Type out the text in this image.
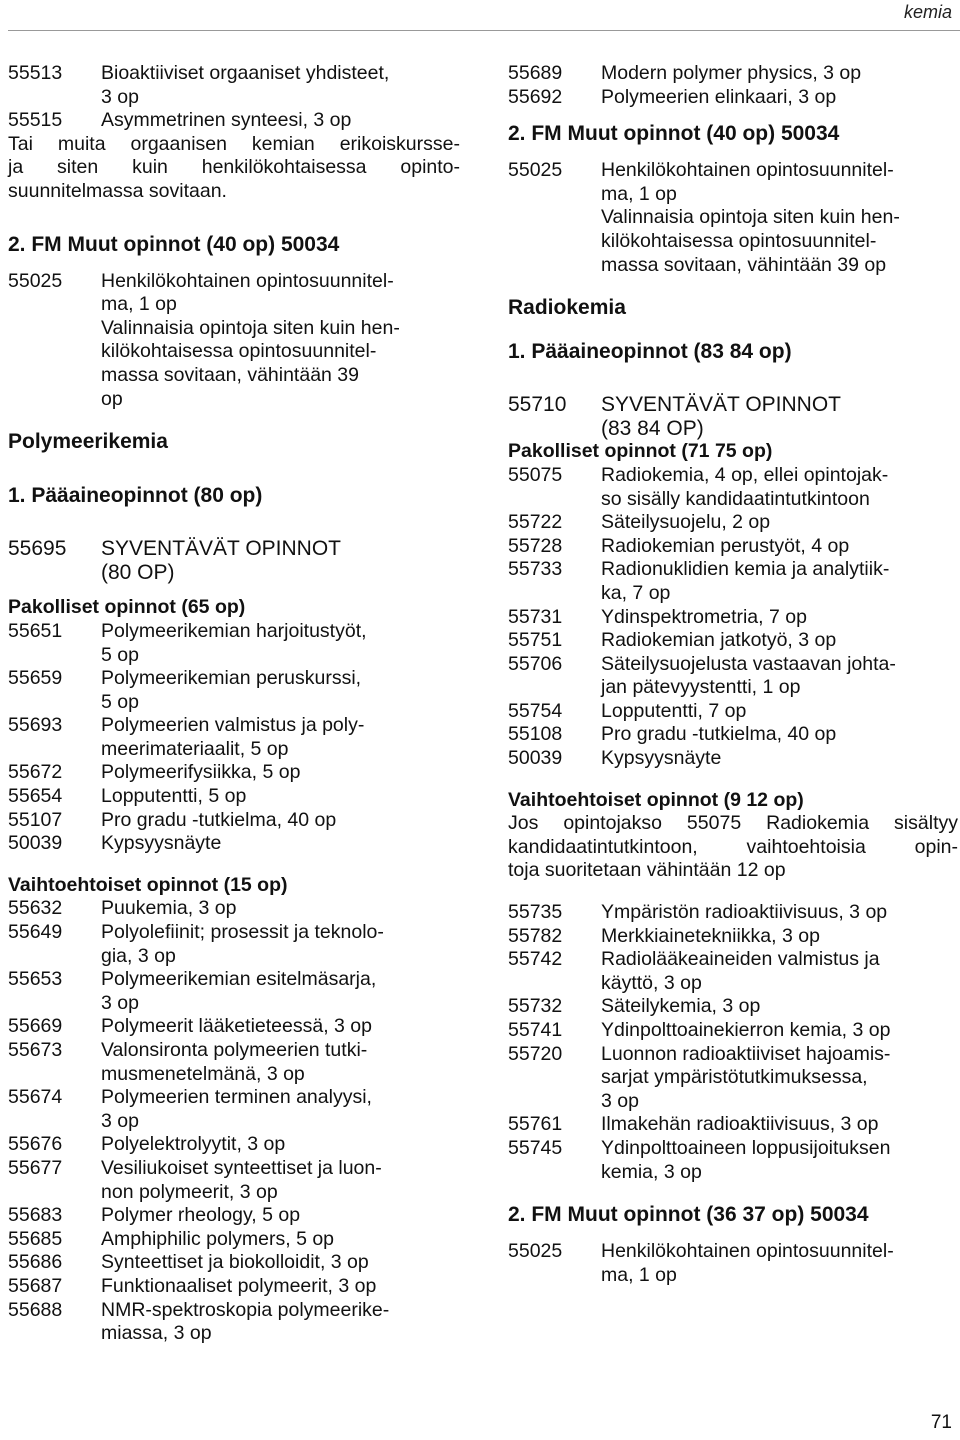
kemia
55513	Bioaktiiviset orgaaniset yhdisteet,
3 op
55515	Asymmetrinen synteesi, 3 op
Tai muita orgaanisen kemian erikoiskursse-
ja siten kuin henkilökohtaisessa opinto-
suunnitelmassa sovitaan.
2. FM Muut opinnot (40 op) 50034
55025	Henkilökohtainen opintosuunnitel-
ma, 1 op
Valinnaisia opintoja siten kuin hen-
kilökohtaisessa opintosuunnitel-
massa sovitaan, vähintään 39
op
Polymeerikemia
1. Pääaineopinnot (80 op)
55695	SYVENTÄVÄT OPINNOT
(80 OP)
Pakolliset opinnot (65 op)
55651	Polymeerikemian harjoitustyöt,
5 op
55659	Polymeerikemian peruskurssi,
5 op
55693	Polymeerien valmistus ja poly-
meerimateriaalit, 5 op
55672	Polymeerifysiikka, 5 op
55654	Lopputentti, 5 op
55107	Pro gradu -tutkielma, 40 op
50039	Kypsyysnäyte
Vaihtoehtoiset opinnot (15 op)
55632	Puukemia, 3 op
55649	Polyolefiinit; prosessit ja teknolo-
gia, 3 op
55653	Polymeerikemian esitelmäsarja,
3 op
55669	Polymeerit lääketieteessä, 3 op
55673	Valonsironta polymeerien tutki-
musmenetelmänä, 3 op
55674	Polymeerien terminen analyysi,
3 op
55676	Polyelektrolyytit, 3 op
55677	Vesiliukoiset synteettiset ja luon-
non polymeerit, 3 op
55683	Polymer rheology, 5 op
55685	Amphiphilic polymers, 5 op
55686	Synteettiset ja biokolloidit, 3 op
55687	Funktionaaliset polymeerit, 3 op
55688	NMR-spektroskopia polymeerike-
miassa, 3 op
55689	Modern polymer physics, 3 op
55692	Polymeerien elinkaari, 3 op
2. FM Muut opinnot (40 op) 50034
55025	Henkilökohtainen opintosuunnitel-
ma, 1 op
Valinnaisia opintoja siten kuin hen-
kilökohtaisessa opintosuunnitel-
massa sovitaan, vähintään 39 op
Radiokemia
1. Pääaineopinnot (83 84 op)
55710	SYVENTÄVÄT OPINNOT
(83 84 OP)
Pakolliset opinnot (71 75 op)
55075	Radiokemia, 4 op, ellei opintojak-
so sisälly kandidaatintutkintoon
55722	Säteilysuojelu, 2 op
55728	Radiokemian perustyöt, 4 op
55733	Radionuklidien kemia ja analytiik-
ka, 7 op
55731	Ydinspektrometria, 7 op
55751	Radiokemian jatkotyö, 3 op
55706	Säteilysuojelusta vastaavan johta-
jan pätevyystentti, 1 op
55754	Lopputentti, 7 op
55108	Pro gradu -tutkielma, 40 op
50039	Kypsyysnäyte
Vaihtoehtoiset opinnot (9 12 op)
Jos opintojakso 55075 Radiokemia sisältyy
kandidaatintutkintoon, vaihtoehtoisia opin-
toja suoritetaan vähintään 12 op
55735	Ympäristön radioaktiivisuus, 3 op
55782	Merkkiainetekniikka, 3 op
55742	Radiolääkeaineiden valmistus ja
käyttö, 3 op
55732	Säteilykemia, 3 op
55741	Ydinpolttoainekierron kemia, 3 op
55720	Luonnon radioaktiiviset hajoamis-
sarjat ympäristötutkimuksessa,
3 op
55761	Ilmakehän radioaktiivisuus, 3 op
55745	Ydinpolttoaineen loppusijoituksen
kemia, 3 op
2. FM Muut opinnot (36 37 op) 50034
55025	Henkilökohtainen opintosuunnitel-
ma, 1 op
71
